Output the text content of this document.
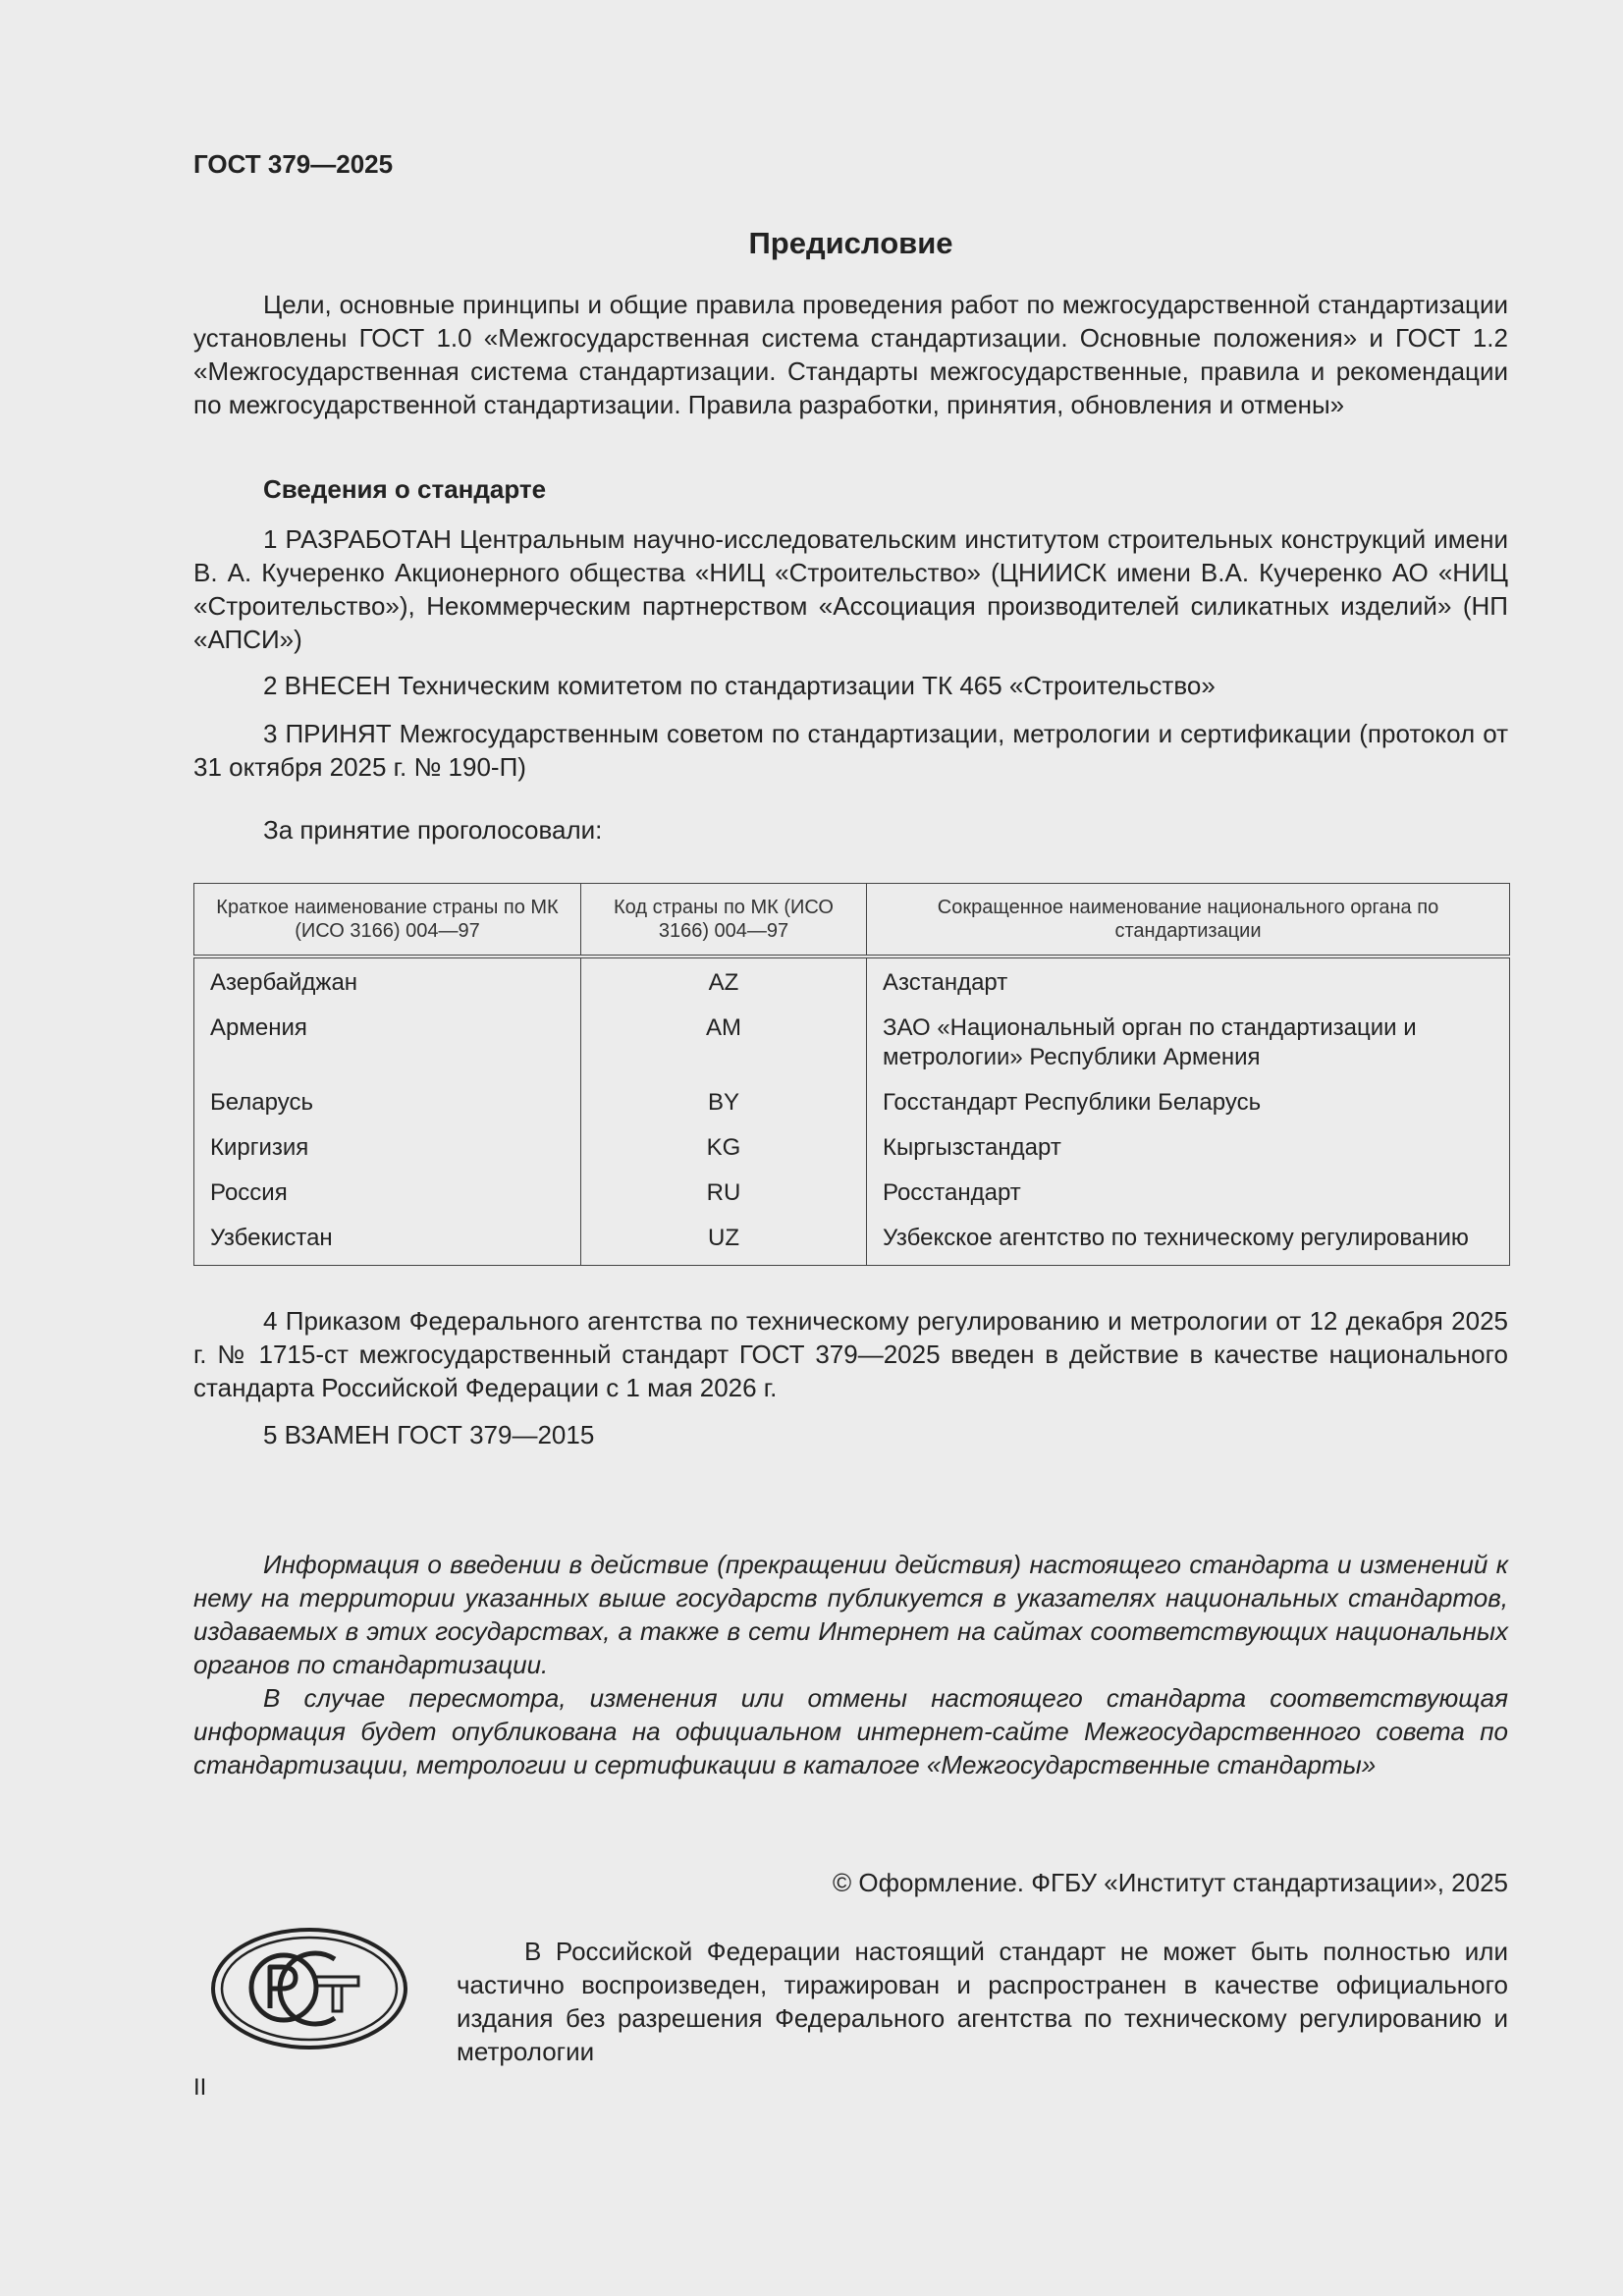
ГОСТ 379—2025
Предисловие
Цели, основные принципы и общие правила проведения работ по межгосударственной стандартизации установлены ГОСТ 1.0 «Межгосударственная система стандартизации. Основные положения» и ГОСТ 1.2 «Межгосударственная система стандартизации. Стандарты межгосударственные, правила и рекомендации по межгосударственной стандартизации. Правила разработки, принятия, обновления и отмены»
Сведения о стандарте
1 РАЗРАБОТАН Центральным научно-исследовательским институтом строительных конструкций имени В. А. Кучеренко Акционерного общества «НИЦ «Строительство» (ЦНИИСК имени В.А. Кучеренко АО «НИЦ «Строительство»), Некоммерческим партнерством «Ассоциация производителей силикатных изделий» (НП «АПСИ»)
2 ВНЕСЕН Техническим комитетом по стандартизации ТК 465 «Строительство»
3 ПРИНЯТ Межгосударственным советом по стандартизации, метрологии и сертификации (протокол от 31 октября 2025 г. № 190-П)
За принятие проголосовали:
Краткое наименование страны по МК (ИСО 3166) 004—97	Код страны по МК (ИСО 3166) 004—97	Сокращенное наименование национального органа по стандартизации
Азербайджан	AZ	Азстандарт
Армения	AM	ЗАО «Национальный орган по стандартизации и метрологии» Республики Армения
Беларусь	BY	Госстандарт Республики Беларусь
Киргизия	KG	Кыргызстандарт
Россия	RU	Росстандарт
Узбекистан	UZ	Узбекское агентство по техническому регулированию
4 Приказом Федерального агентства по техническому регулированию и метрологии от 12 декабря 2025 г. № 1715-ст межгосударственный стандарт ГОСТ 379—2025 введен в действие в качестве национального стандарта Российской Федерации с 1 мая 2026 г.
5 ВЗАМЕН ГОСТ 379—2015
Информация о введении в действие (прекращении действия) настоящего стандарта и изменений к нему на территории указанных выше государств публикуется в указателях национальных стандартов, издаваемых в этих государствах, а также в сети Интернет на сайтах соответствующих национальных органов по стандартизации.
В случае пересмотра, изменения или отмены настоящего стандарта соответствующая информация будет опубликована на официальном интернет-сайте Межгосударственного совета по стандартизации, метрологии и сертификации в каталоге «Межгосударственные стандарты»
© Оформление. ФГБУ «Институт стандартизации», 2025
В Российской Федерации настоящий стандарт не может быть полностью или частично воспроизведен, тиражирован и распространен в качестве официального издания без разрешения Федерального агентства по техническому регулированию и метрологии
II
